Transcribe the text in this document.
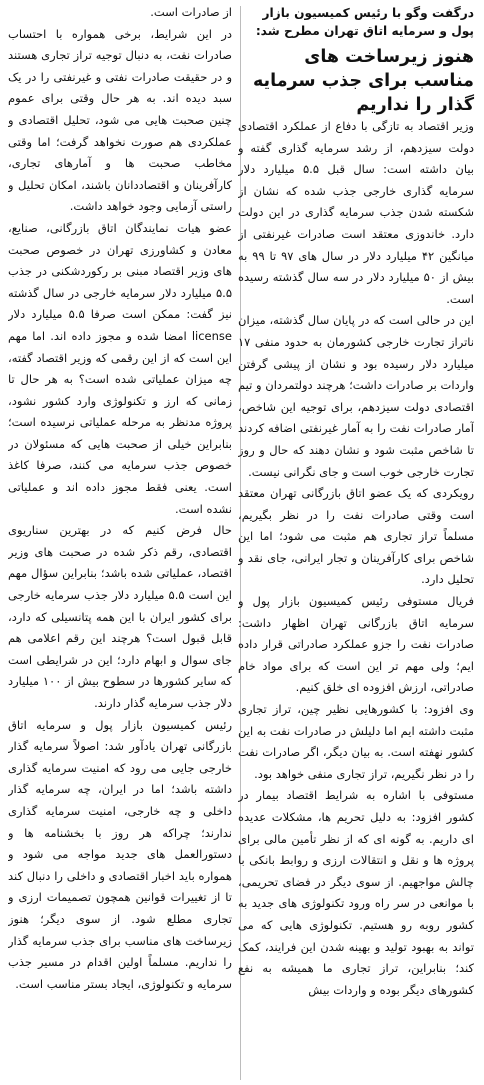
درگفت وگو با رئیس کمیسیون بازار پول و سرمایه اتاق تهران مطرح شد:
هنوز زیرساخت های مناسب برای جذب سرمایه گذار را نداریم

وزیر اقتصاد به تازگی با دفاع از عملکرد اقتصادی دولت سیزدهم، از رشد سرمایه گذاری گفته و بیان داشته است: سال قبل ۵.۵ میلیارد دلار سرمایه گذاری خارجی جذب شده که نشان از شکسته شدن جذب سرمایه گذاری در این دولت دارد. خاندوزی معتقد است صادرات غیرنفتی از میانگین ۴۲ میلیارد دلار در سال های ۹۷ تا ۹۹ به بیش از ۵۰ میلیارد دلار در سه سال گذشته رسیده است.

این در حالی است که در پایان سال گذشته، میزان ناتراز تجارت خارجی کشورمان به حدود منفی ۱۷ میلیارد دلار رسیده بود و نشان از پیشی گرفتن واردات بر صادرات داشت؛ هرچند دولتمردان و تیم اقتصادی دولت سیزدهم، برای توجیه این شاخص، آمار صادرات نفت را به آمار غیرنفتی اضافه کردند تا شاخص مثبت شود و نشان دهند که حال و روز تجارت خارجی خوب است و جای نگرانی نیست.

رویکردی که یک عضو اتاق بازرگانی تهران معتقد است وقتی صادرات نفت را در نظر بگیریم، مسلماً تراز تجاری هم مثبت می شود؛ اما این شاخص برای کارآفرینان و تجار ایرانی، جای نقد و تحلیل دارد.

فریال مستوفی رئیس کمیسیون بازار پول و سرمایه اتاق بازرگانی تهران اظهار داشت: صادرات نفت را جزو عملکرد صادراتی قرار داده ایم؛ ولی مهم تر این است که برای مواد خام صادراتی، ارزش افزوده ای خلق کنیم.

وی افزود: با کشورهایی نظیر چین، تراز تجاری مثبت داشته ایم اما دلیلش در صادرات نفت به این کشور نهفته است. به بیان دیگر، اگر صادرات نفت را در نظر نگیریم، تراز تجاری منفی خواهد بود.

مستوفی با اشاره به شرایط اقتصاد بیمار در کشور افزود: به دلیل تحریم ها، مشکلات عدیده ای داریم. به گونه ای که از نظر تأمین مالی برای پروژه ها و نقل و انتقالات ارزی و روابط بانکی با چالش مواجهیم. از سوی دیگر در فضای تحریمی، با موانعی در سر راه ورود تکنولوژی های جدید به کشور روبه رو هستیم. تکنولوژی هایی که می تواند به بهبود تولید و بهینه شدن این فرایند، کمک کند؛ بنابراین، تراز تجاری ما همیشه به نفع کشورهای دیگر بوده و واردات بیش

از صادرات است.

در این شرایط، برخی همواره با احتساب صادرات نفت، به دنبال توجیه تراز تجاری هستند و در حقیقت صادرات نفتی و غیرنفتی را در یک سبد دیده اند. به هر حال وقتی برای عموم چنین صحبت هایی می شود، تحلیل اقتصادی و عملکردی هم صورت نخواهد گرفت؛ اما وقتی مخاطب صحبت ها و آمارهای تجاری، کارآفرینان و اقتصاددانان باشند، امکان تحلیل و راستی آزمایی وجود خواهد داشت.

عضو هیات نمایندگان اتاق بازرگانی، صنایع، معادن و کشاورزی تهران در خصوص صحبت های وزیر اقتصاد مبنی بر رکوردشکنی در جذب ۵.۵ میلیارد دلار سرمایه خارجی در سال گذشته نیز گفت: ممکن است صرفا ۵.۵ میلیارد دلار license امضا شده و مجوز داده اند. اما مهم این است که از این رقمی که وزیر اقتصاد گفته، چه میزان عملیاتی شده است؟ به هر حال تا زمانی که ارز و تکنولوژی وارد کشور نشود، پروژه مدنظر به مرحله عملیاتی نرسیده است؛ بنابراین خیلی از صحبت هایی که مسئولان در خصوص جذب سرمایه می کنند، صرفا کاغذ است. یعنی فقط مجوز داده اند و عملیاتی نشده است.

حال فرض کنیم که در بهترین سناریوی اقتصادی، رقم ذکر شده در صحبت های وزیر اقتصاد، عملیاتی شده باشد؛ بنابراین سؤال مهم این است ۵.۵ میلیارد دلار جذب سرمایه خارجی برای کشور ایران با این همه پتانسیلی که دارد، قابل قبول است؟ هرچند این رقم اعلامی هم جای سوال و ابهام دارد؛ این در شرایطی است که سایر کشورها در سطوح بیش از ۱۰۰ میلیارد دلار جذب سرمایه گذار دارند.

رئیس کمیسیون بازار پول و سرمایه اتاق بازرگانی تهران یادآور شد: اصولاً سرمایه گذار خارجی جایی می رود که امنیت سرمایه گذاری داشته باشد؛ اما در ایران، چه سرمایه گذار داخلی و چه خارجی، امنیت سرمایه گذاری ندارند؛ چراکه هر روز با بخشنامه ها و دستورالعمل های جدید مواجه می شود و همواره باید اخبار اقتصادی و داخلی را دنبال کند تا از تغییرات قوانین همچون تصمیمات ارزی و تجاری مطلع شود. از سوی دیگر؛ هنوز زیرساخت های مناسب برای جذب سرمایه گذار را نداریم. مسلماً اولین اقدام در مسیر جذب سرمایه و تکنولوژی، ایجاد بستر مناسب است.
